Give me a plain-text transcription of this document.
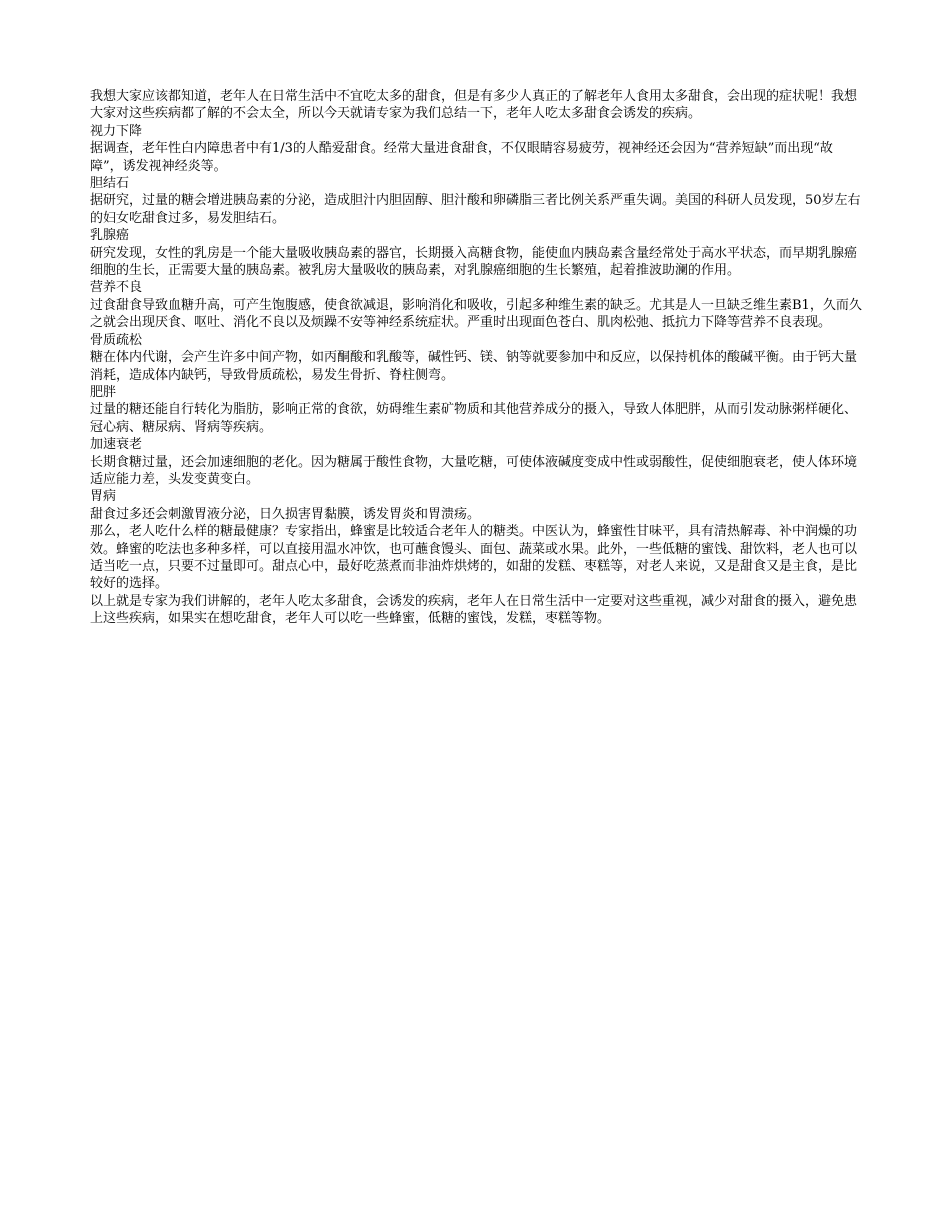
我想大家应该都知道，老年人在日常生活中不宜吃太多的甜食，但是有多少人真正的了解老年人食用太多甜食，会出现的症状呢！我想大家对这些疾病都了解的不会太全，所以今天就请专家为我们总结一下，老年人吃太多甜食会诱发的疾病。

视力下降

据调查，老年性白内障患者中有1/3的人酷爱甜食。经常大量进食甜食，不仅眼睛容易疲劳，视神经还会因为“营养短缺”而出现“故障”，诱发视神经炎等。

胆结石

据研究，过量的糖会增进胰岛素的分泌，造成胆汁内胆固醇、胆汁酸和卵磷脂三者比例关系严重失调。美国的科研人员发现，50岁左右的妇女吃甜食过多，易发胆结石。

乳腺癌

研究发现，女性的乳房是一个能大量吸收胰岛素的器官，长期摄入高糖食物，能使血内胰岛素含量经常处于高水平状态，而早期乳腺癌细胞的生长，正需要大量的胰岛素。被乳房大量吸收的胰岛素，对乳腺癌细胞的生长繁殖，起着推波助澜的作用。

营养不良

过食甜食导致血糖升高，可产生饱腹感，使食欲减退，影响消化和吸收，引起多种维生素的缺乏。尤其是人一旦缺乏维生素B1，久而久之就会出现厌食、呕吐、消化不良以及烦躁不安等神经系统症状。严重时出现面色苍白、肌肉松弛、抵抗力下降等营养不良表现。

骨质疏松

糖在体内代谢，会产生许多中间产物，如丙酮酸和乳酸等，碱性钙、镁、钠等就要参加中和反应，以保持机体的酸碱平衡。由于钙大量消耗，造成体内缺钙，导致骨质疏松，易发生骨折、脊柱侧弯。

肥胖

过量的糖还能自行转化为脂肪，影响正常的食欲，妨碍维生素矿物质和其他营养成分的摄入，导致人体肥胖，从而引发动脉粥样硬化、冠心病、糖尿病、肾病等疾病。

加速衰老

长期食糖过量，还会加速细胞的老化。因为糖属于酸性食物，大量吃糖，可使体液碱度变成中性或弱酸性，促使细胞衰老，使人体环境适应能力差，头发变黄变白。

胃病

甜食过多还会刺激胃液分泌，日久损害胃黏膜，诱发胃炎和胃溃疡。

那么，老人吃什么样的糖最健康？专家指出，蜂蜜是比较适合老年人的糖类。中医认为，蜂蜜性甘味平，具有清热解毒、补中润燥的功效。蜂蜜的吃法也多种多样，可以直接用温水冲饮，也可蘸食馒头、面包、蔬菜或水果。此外，一些低糖的蜜饯、甜饮料，老人也可以适当吃一点，只要不过量即可。甜点心中，最好吃蒸煮而非油炸烘烤的，如甜的发糕、枣糕等，对老人来说，又是甜食又是主食，是比较好的选择。

以上就是专家为我们讲解的，老年人吃太多甜食，会诱发的疾病，老年人在日常生活中一定要对这些重视，减少对甜食的摄入，避免患上这些疾病，如果实在想吃甜食，老年人可以吃一些蜂蜜，低糖的蜜饯，发糕，枣糕等物。
